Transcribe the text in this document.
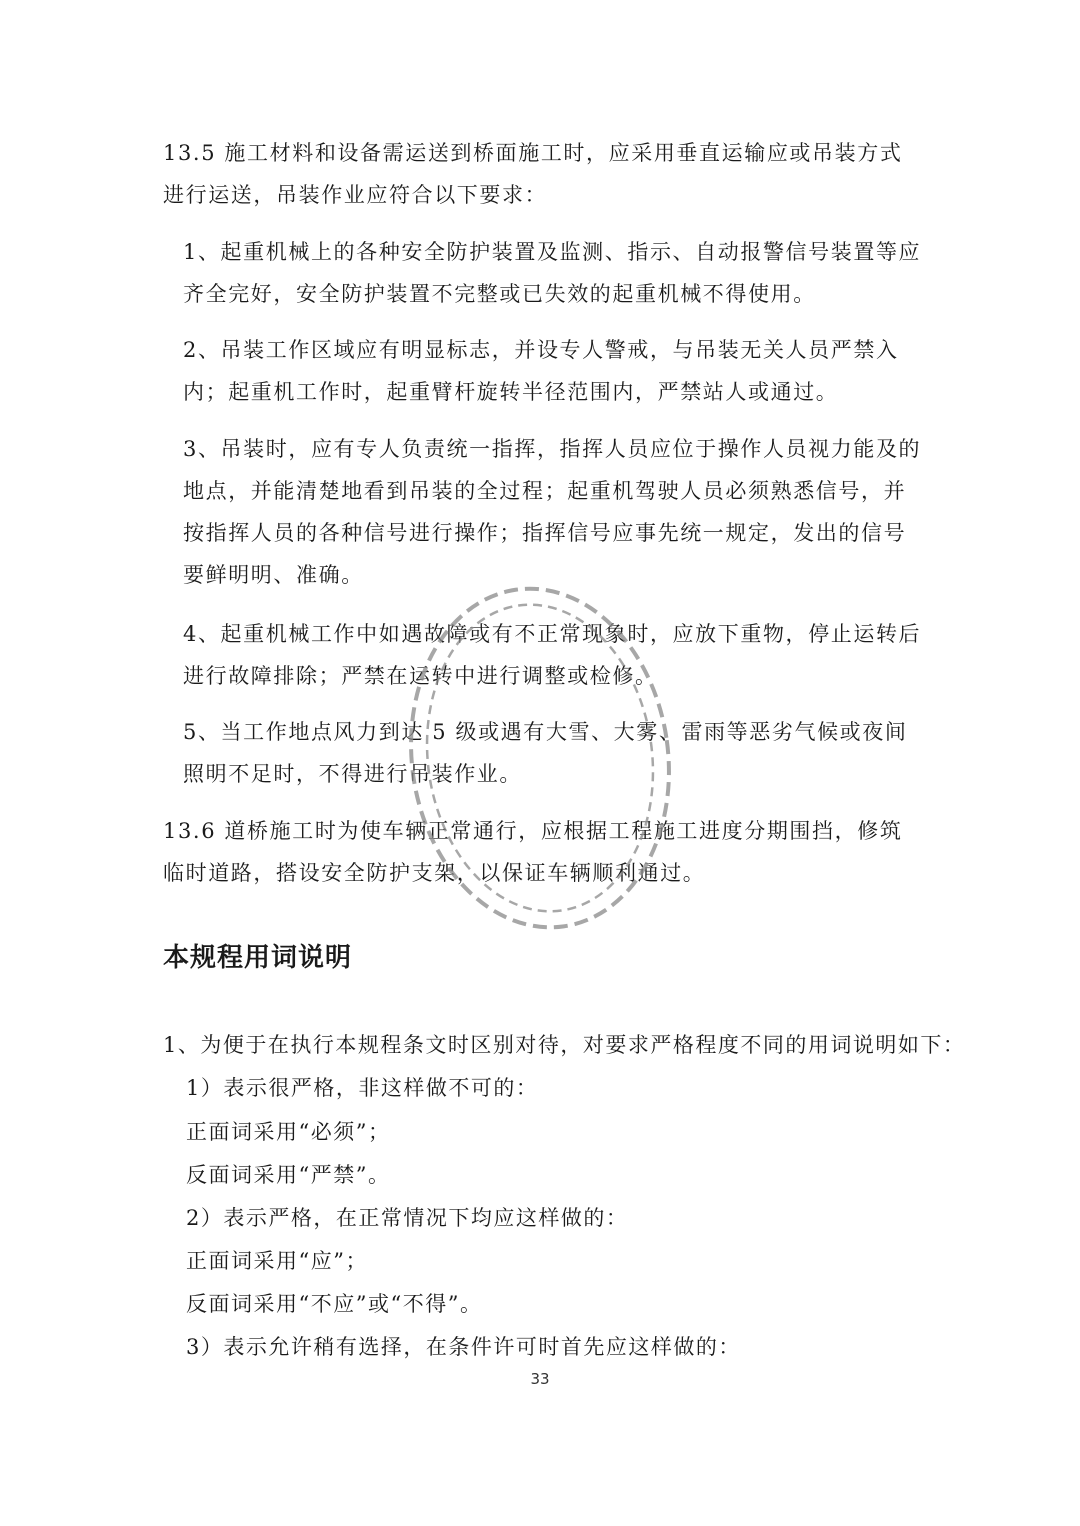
13.5 施工材料和设备需运送到桥面施工时，应采用垂直运输应或吊装方式进行运送，吊装作业应符合以下要求：

1、起重机械上的各种安全防护装置及监测、指示、自动报警信号装置等应齐全完好，安全防护装置不完整或已失效的起重机械不得使用。

2、吊装工作区域应有明显标志，并设专人警戒，与吊装无关人员严禁入内；起重机工作时，起重臂杆旋转半径范围内，严禁站人或通过。

3、吊装时，应有专人负责统一指挥，指挥人员应位于操作人员视力能及的地点，并能清楚地看到吊装的全过程；起重机驾驶人员必须熟悉信号，并按指挥人员的各种信号进行操作；指挥信号应事先统一规定，发出的信号要鲜明明、准确。

4、起重机械工作中如遇故障或有不正常现象时，应放下重物，停止运转后进行故障排除；严禁在运转中进行调整或检修。

5、当工作地点风力到达 5 级或遇有大雪、大雾、雷雨等恶劣气候或夜间照明不足时，不得进行吊装作业。

13.6 道桥施工时为使车辆正常通行，应根据工程施工进度分期围挡，修筑临时道路，搭设安全防护支架，以保证车辆顺利通过。

本规程用词说明

1、为便于在执行本规程条文时区别对待，对要求严格程度不同的用词说明如下：

1）表示很严格，非这样做不可的：

正面词采用“必须”；

反面词采用“严禁”。

2）表示严格，在正常情况下均应这样做的：

正面词采用“应”；

反面词采用“不应”或“不得”。

3）表示允许稍有选择，在条件许可时首先应这样做的：

33
